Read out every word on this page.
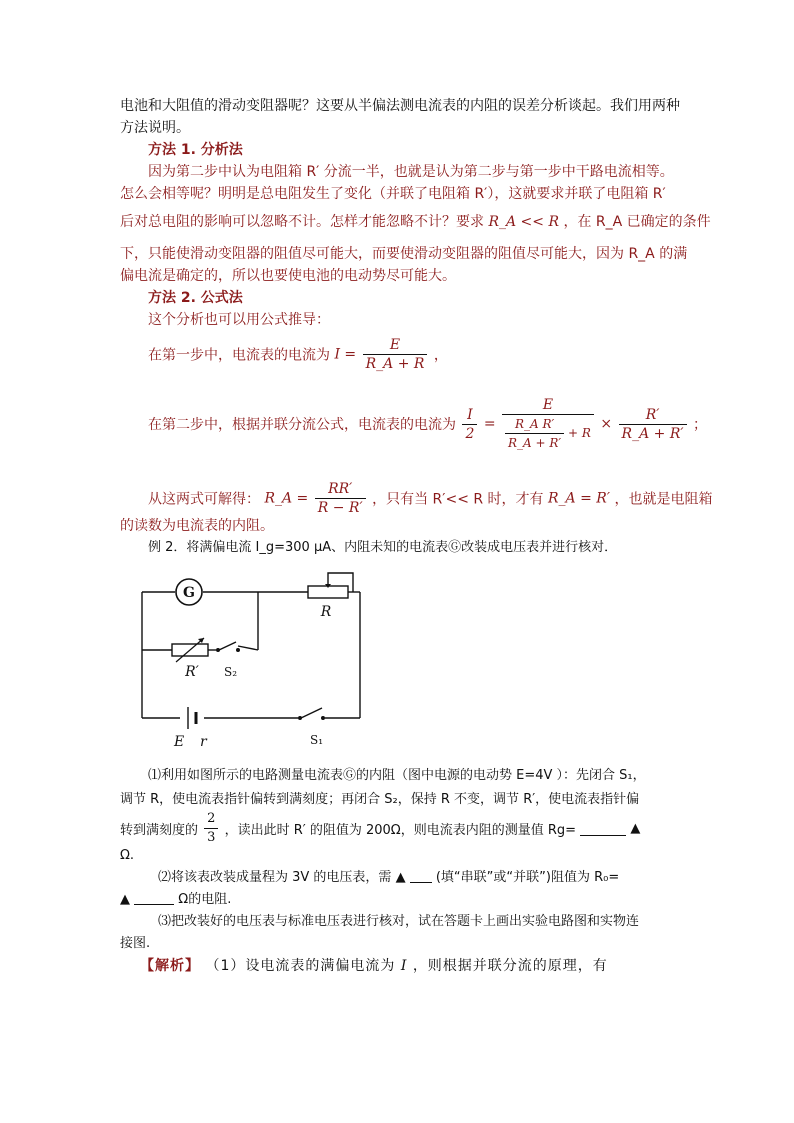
电池和大阻值的滑动变阻器呢？这要从半偏法测电流表的内阻的误差分析谈起。我们用两种
方法说明。
方法 1. 分析法
因为第二步中认为电阻箱 R′ 分流一半，也就是认为第二步与第一步中干路电流相等。
怎么会相等呢？明明是总电阻发生了变化（并联了电阻箱 R′），这就要求并联了电阻箱 R′
后对总电阻的影响可以忽略不计。怎样才能忽略不计？要求 R_A << R ，在 R_A 已确定的条件
下，只能使滑动变阻器的阻值尽可能大，而要使滑动变阻器的阻值尽可能大，因为 R_A 的满
偏电流是确定的，所以也要使电池的电动势尽可能大。
方法 2. 公式法
这个分析也可以用公式推导：
在第一步中，电流表的电流为 $I = \frac{E}{R\_A + R}$ ，
在第二步中，根据并联分流公式，电流表的电流为 $\frac{I}{2} = \frac{E}{\frac{\text{R\_A R′}}{R\_A + R'} + R} \times \frac{R'}{R\_A + R'}$ ；
从这两式可解得： R_A = $\frac{RR'}{R - R'}$ ，只有当 R′<< R 时，才有 R_A = R′ ，也就是电阻箱
的读数为电流表的内阻。
例 2．将满偏电流 I_g=300 μA、内阻未知的电流表Ⓖ改装成电压表并进行核对．
G
R
R′ S₂
E r	S₁
⑴利用如图所示的电路测量电流表Ⓖ的内阻（图中电源的电动势 E=4V ）：先闭合 S₁，
调节 R，使电流表指针偏转到满刻度；再闭合 S₂，保持 R 不变，调节 R′，使电流表指针偏
转到满刻度的 $\frac{2}{3}$ ，读出此时 R′ 的阻值为 200Ω，则电流表内阻的测量值 Rg=	▲
Ω.
⑵将该表改装成量程为 3V 的电压表，需 ▲ (填“串联”或“并联”)阻值为 R₀=
▲	Ω的电阻.
⑶把改装好的电压表与标准电压表进行核对，试在答题卡上画出实验电路图和实物连
接图.
【解析】 （1）设电流表的满偏电流为 I ，则根据并联分流的原理，有
